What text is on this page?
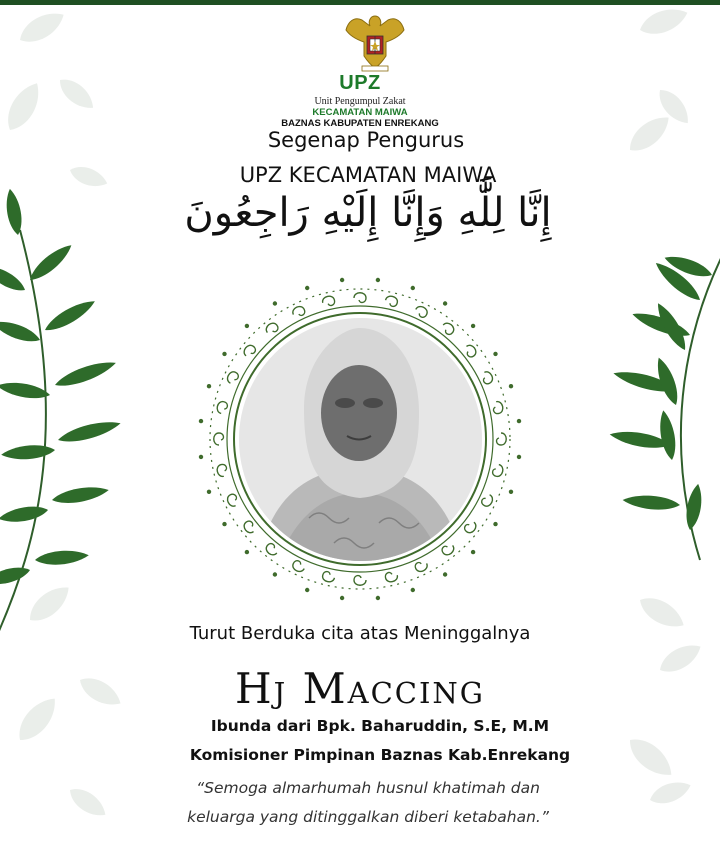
UPZ
Unit Pengumpul Zakat
KECAMATAN MAIWA
BAZNAS KABUPATEN ENREKANG
Segenap Pengurus
UPZ KECAMATAN MAIWA
إِنَّا لِلَّٰهِ وَإِنَّا إِلَيْهِ رَاجِعُونَ
Turut Berduka cita atas Meninggalnya
Hj Maccing
Ibunda dari Bpk. Baharuddin, S.E, M.M
Komisioner Pimpinan Baznas Kab.Enrekang
“Semoga almarhumah husnul khatimah dan
keluarga yang ditinggalkan diberi ketabahan.”
